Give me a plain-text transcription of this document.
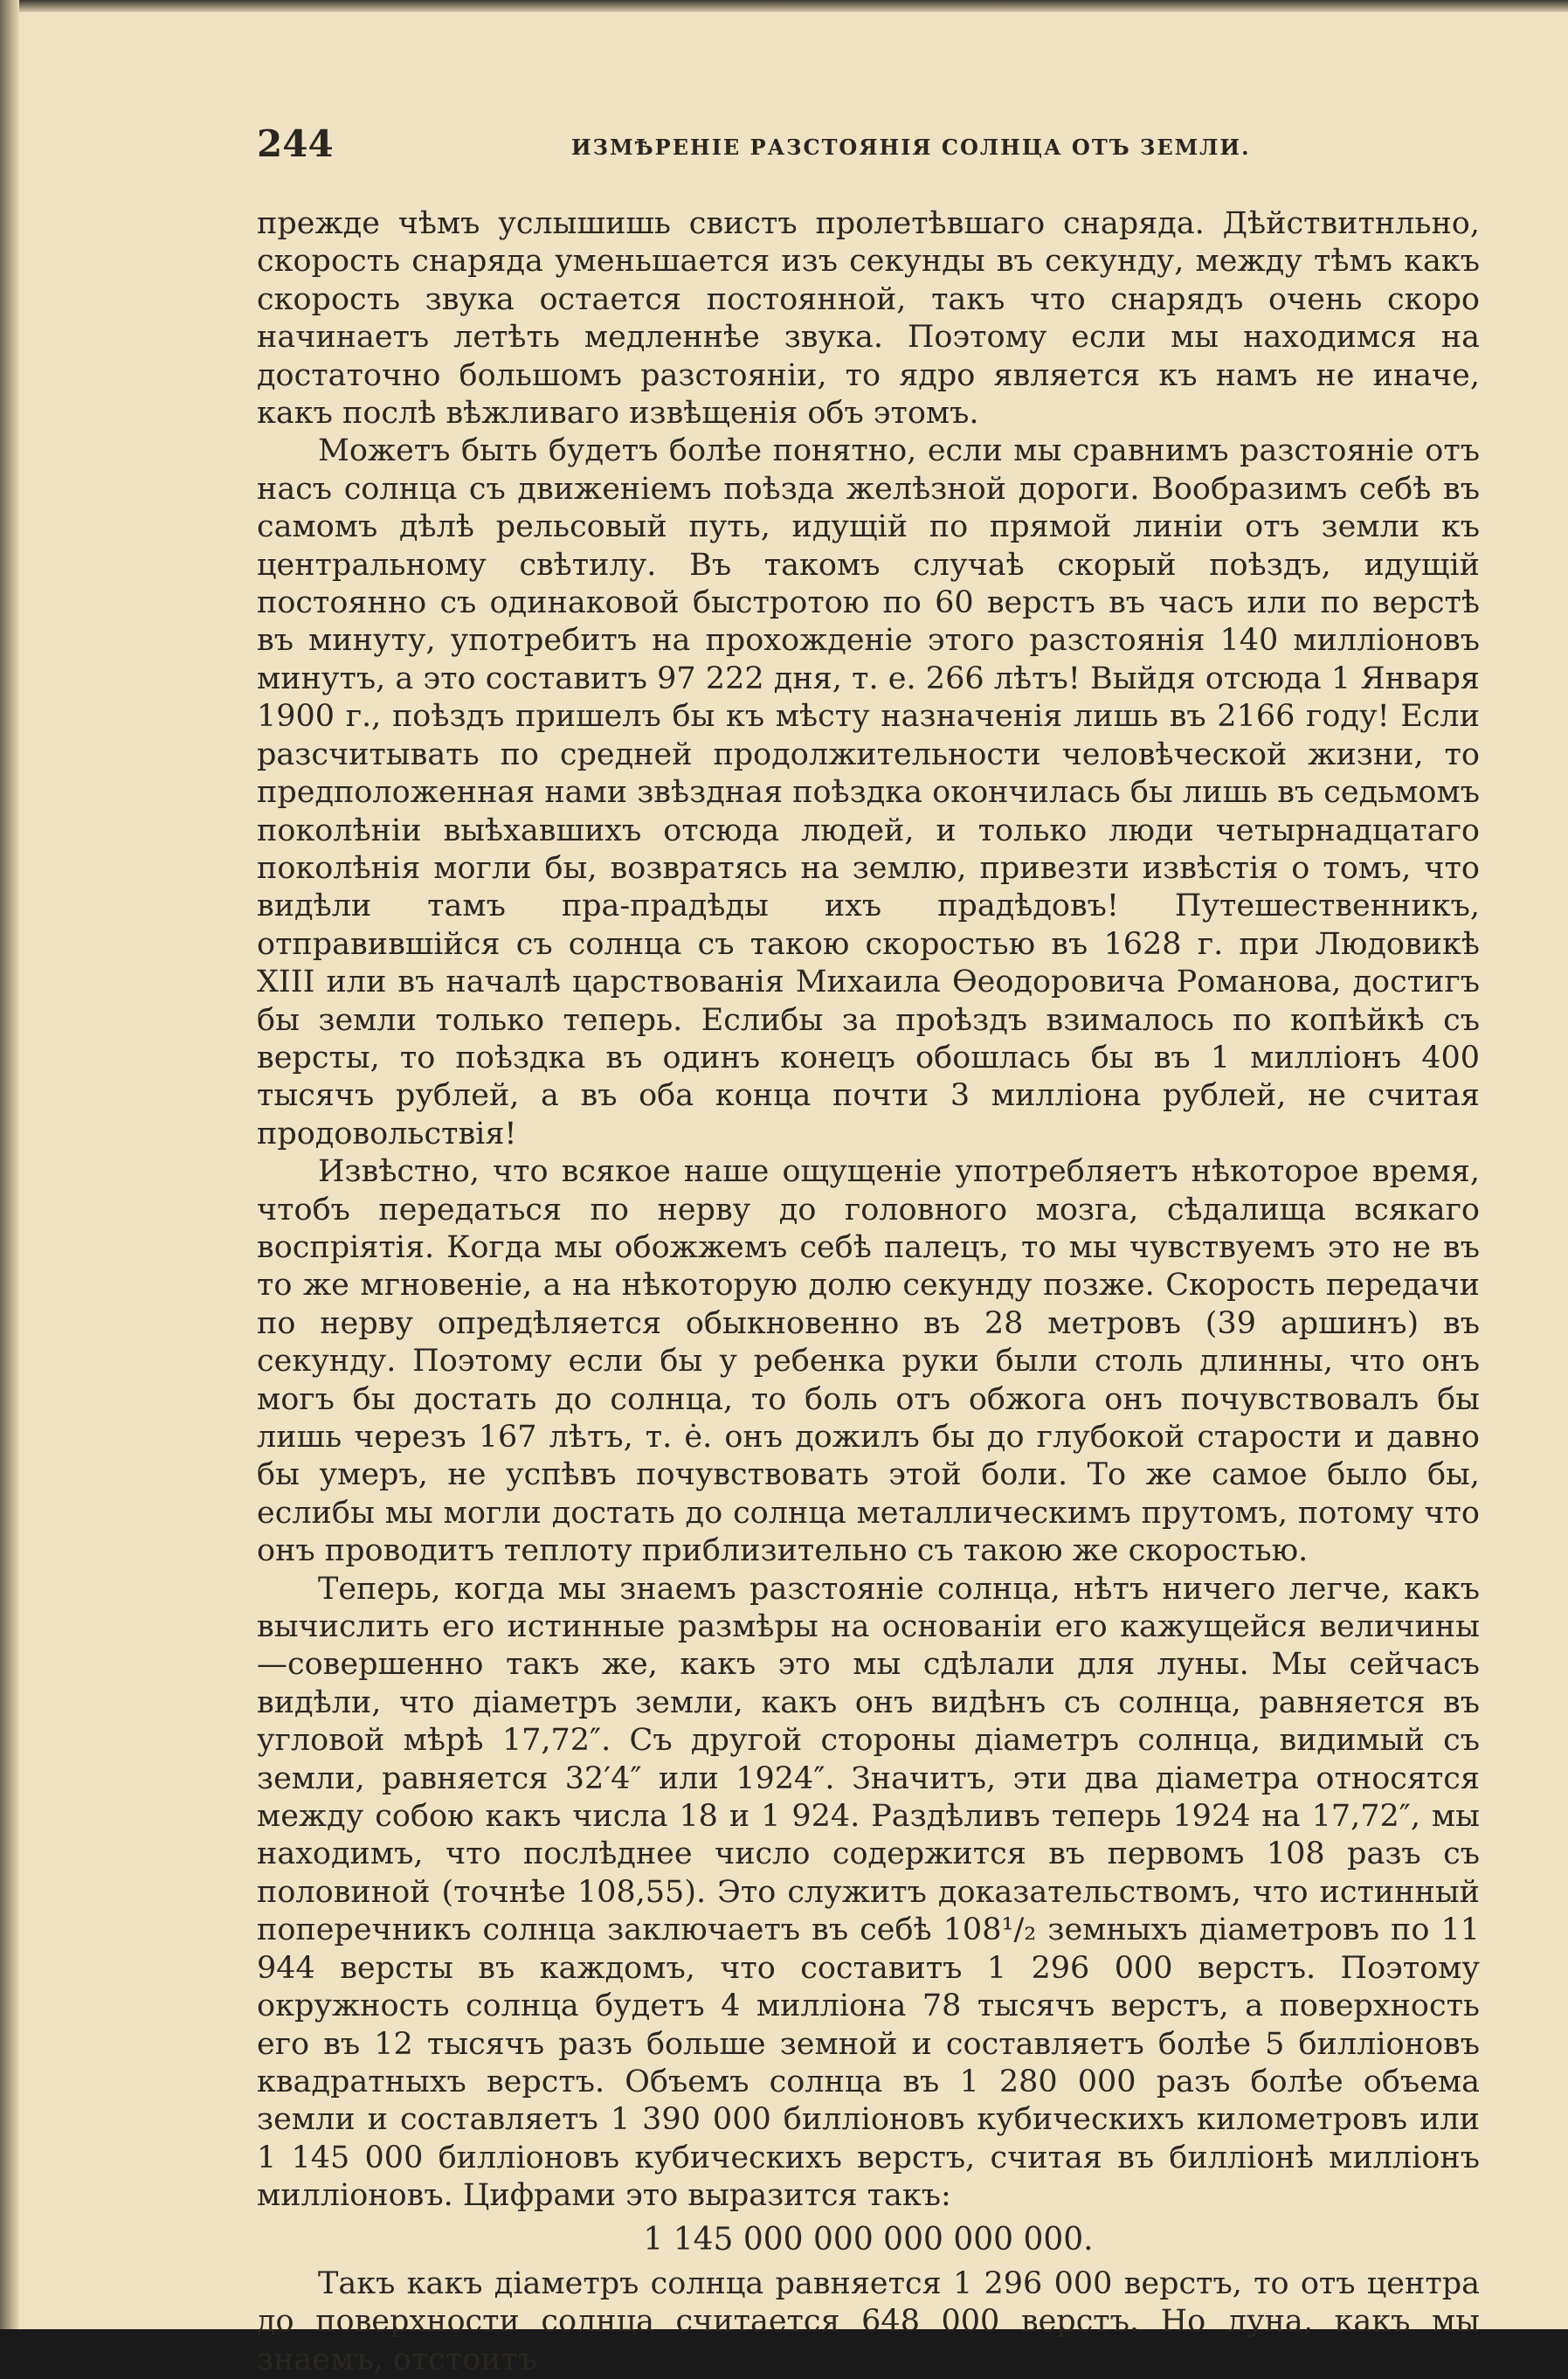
244	ИЗМѢРЕНІЕ РАЗСТОЯНІЯ СОЛНЦА ОТЪ ЗЕМЛИ.

прежде чѣмъ услышишь свистъ пролетѣвшаго снаряда. Дѣйствитнльно, скорость снаряда уменьшается изъ секунды въ секунду, между тѣмъ какъ скорость звука остается постоянной, такъ что снарядъ очень скоро начинаетъ летѣть медленнѣе звука. Поэтому если мы находимся на достаточно большомъ разстояніи, то ядро является къ намъ не иначе, какъ послѣ вѣжливаго извѣщенія объ этомъ.

Можетъ быть будетъ болѣе понятно, если мы сравнимъ разстояніе отъ насъ солнца съ движеніемъ поѣзда желѣзной дороги. Вообразимъ себѣ въ самомъ дѣлѣ рельсовый путь, идущій по прямой линіи отъ земли къ центральному свѣтилу. Въ такомъ случаѣ скорый поѣздъ, идущій постоянно съ одинаковой быстротою по 60 верстъ въ часъ или по верстѣ въ минуту, употребитъ на прохожденіе этого разстоянія 140 милліоновъ минутъ, а это составитъ 97 222 дня, т. е. 266 лѣтъ! Выйдя отсюда 1 Января 1900 г., поѣздъ пришелъ бы къ мѣсту назначенія лишь въ 2166 году! Если разсчитывать по средней продолжительности человѣческой жизни, то предположенная нами звѣздная поѣздка окончилась бы лишь въ седьмомъ поколѣніи выѣхавшихъ отсюда людей, и только люди четырнадцатаго поколѣнія могли бы, возвратясь на землю, привезти извѣстія о томъ, что видѣли тамъ пра-прадѣды ихъ прадѣдовъ! Путешественникъ, отправившійся съ солнца съ такою скоростью въ 1628 г. при Людовикѣ XIII или въ началѣ царствованія Михаила Ѳеодоровича Романова, достигъ бы земли только теперь. Еслибы за проѣздъ взималось по копѣйкѣ съ версты, то поѣздка въ одинъ конецъ обошлась бы въ 1 милліонъ 400 тысячъ рублей, а въ оба конца почти 3 милліона рублей, не считая продовольствія!

Извѣстно, что всякое наше ощущеніе употребляетъ нѣкоторое время, чтобъ передаться по нерву до головного мозга, сѣдалища всякаго воспріятія. Когда мы обожжемъ себѣ палецъ, то мы чувствуемъ это не въ то же мгновеніе, а на нѣкоторую долю секунду позже. Скорость передачи по нерву опредѣляется обыкновенно въ 28 метровъ (39 аршинъ) въ секунду. Поэтому если бы у ребенка руки были столь длинны, что онъ могъ бы достать до солнца, то боль отъ обжога онъ почувствовалъ бы лишь черезъ 167 лѣтъ, т. ė. онъ дожилъ бы до глубокой старости и давно бы умеръ, не успѣвъ почувствовать этой боли. То же самое было бы, еслибы мы могли достать до солнца металлическимъ прутомъ, потому что онъ проводитъ теплоту приблизительно съ такою же скоростью.

Теперь, когда мы знаемъ разстояніе солнца, нѣтъ ничего легче, какъ вычислить его истинные размѣры на основаніи его кажущейся величины—совершенно такъ же, какъ это мы сдѣлали для луны. Мы сейчасъ видѣли, что діаметръ земли, какъ онъ видѣнъ съ солнца, равняется въ угловой мѣрѣ 17,72″. Съ другой стороны діаметръ солнца, видимый съ земли, равняется 32′4″ или 1924″. Значитъ, эти два діаметра относятся между собою какъ числа 18 и 1 924. Раздѣливъ теперь 1924 на 17,72″, мы находимъ, что послѣднее число содержится въ первомъ 108 разъ съ половиной (точнѣе 108,55). Это служитъ доказательствомъ, что истинный поперечникъ солнца заключаетъ въ себѣ 108¹/₂ земныхъ діаметровъ по 11 944 версты въ каждомъ, что составитъ 1 296 000 верстъ. Поэтому окружность солнца будетъ 4 милліона 78 тысячъ верстъ, а поверхность его въ 12 тысячъ разъ больше земной и составляетъ болѣе 5 билліоновъ квадратныхъ верстъ. Объемъ солнца въ 1 280 000 разъ болѣе объема земли и составляетъ 1 390 000 билліоновъ кубическихъ километровъ или 1 145 000 билліоновъ кубическихъ верстъ, считая въ билліонѣ милліонъ милліоновъ. Цифрами это выразится такъ:

1 145 000 000 000 000 000.

Такъ какъ діаметръ солнца равняется 1 296 000 верстъ, то отъ центра до поверхности солнца считается 648 000 верстъ. Но луна, какъ мы знаемъ, отстоитъ
